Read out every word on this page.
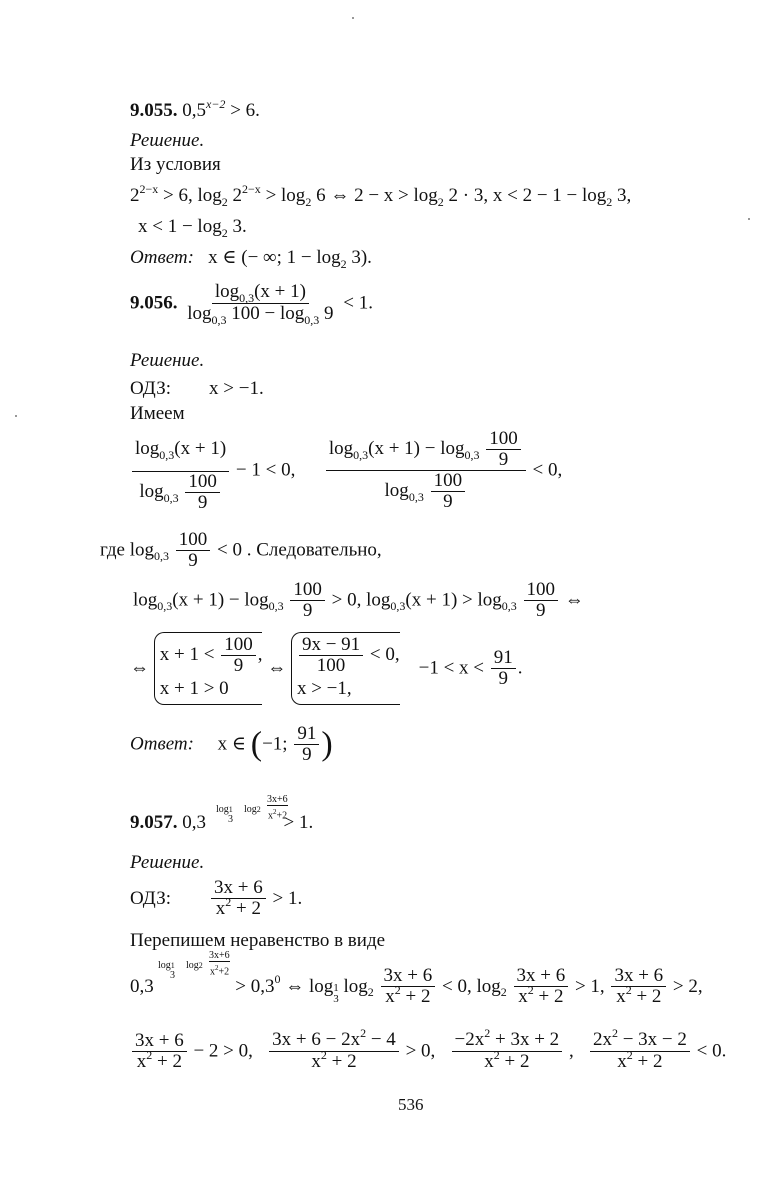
9.055. $0,5^{x-2} > 6$.
Решение.
Из условия
$2^{2-x} > 6$, $\log_2 2^{2-x} > \log_2 6$ ⇔ $2 - x > \log_2 2 \cdot 3$, $x < 2 - 1 - \log_2 3$,
$x < 1 - \log_2 3$.
Ответ: x ∈ (− ∞; $1 - \log_2 3$).
9.056. $\frac{\log_{0,3}(x + 1)}{\log_{0,3} 100 - \log_{0,3} 9} < 1$.
Решение.
ОДЗ: x > −1.
Имеем
$\frac{\log_{0,3}(x + 1)}{\log_{0,3} \frac{100}{9}} - 1 < 0$, $\frac{\log_{0,3}(x + 1) - \log_{0,3} \frac{100}{9}}{\log_{0,3} \frac{100}{9}} < 0$,
где $\log_{0,3} \frac{100}{9} < 0$ . Следовательно,
$\log_{0,3}(x + 1) - \log_{0,3} \frac{100}{9} > 0$, $\log_{0,3}(x + 1) > \log_{0,3} \frac{100}{9}$ ⇔
⇔
$x + 1 < \frac{100}{9}$ ,
x + 1 > 0
⇔ $\frac{9x - 91}{100} < 0$,
x > −1,
$-1 < x < \frac{91}{9}$ .
Ответ: x ∈ (−1; $\frac{91}{9}$ )
9.057. 0,3	> 1.
log1
3
log2
3x+6
$x^2+2$
Решение.
ОДЗ: $\frac{3x + 6}{x^2 + 2} > 1$.
Перепишем неравенство в виде
log1
3
log2
3x+6
$x^2+2$
0,3	> $0,3^0$ ⇔ log 1
3
$\log_2 \frac{3x + 6}{x^2 + 2} < 0$, $\log_2 \frac{3x + 6}{x^2 + 2} > 1$, $\frac{3x + 6}{x^2 + 2} > 2$,
$\frac{3x + 6}{x^2 + 2} - 2 > 0$, $\frac{3x + 6 - 2x^2 - 4}{x^2 + 2} > 0$, $\frac{-2x^2 + 3x + 2}{x^2 + 2}$ , $\frac{2x^2 - 3x - 2}{x^2 + 2} < 0$.
536
